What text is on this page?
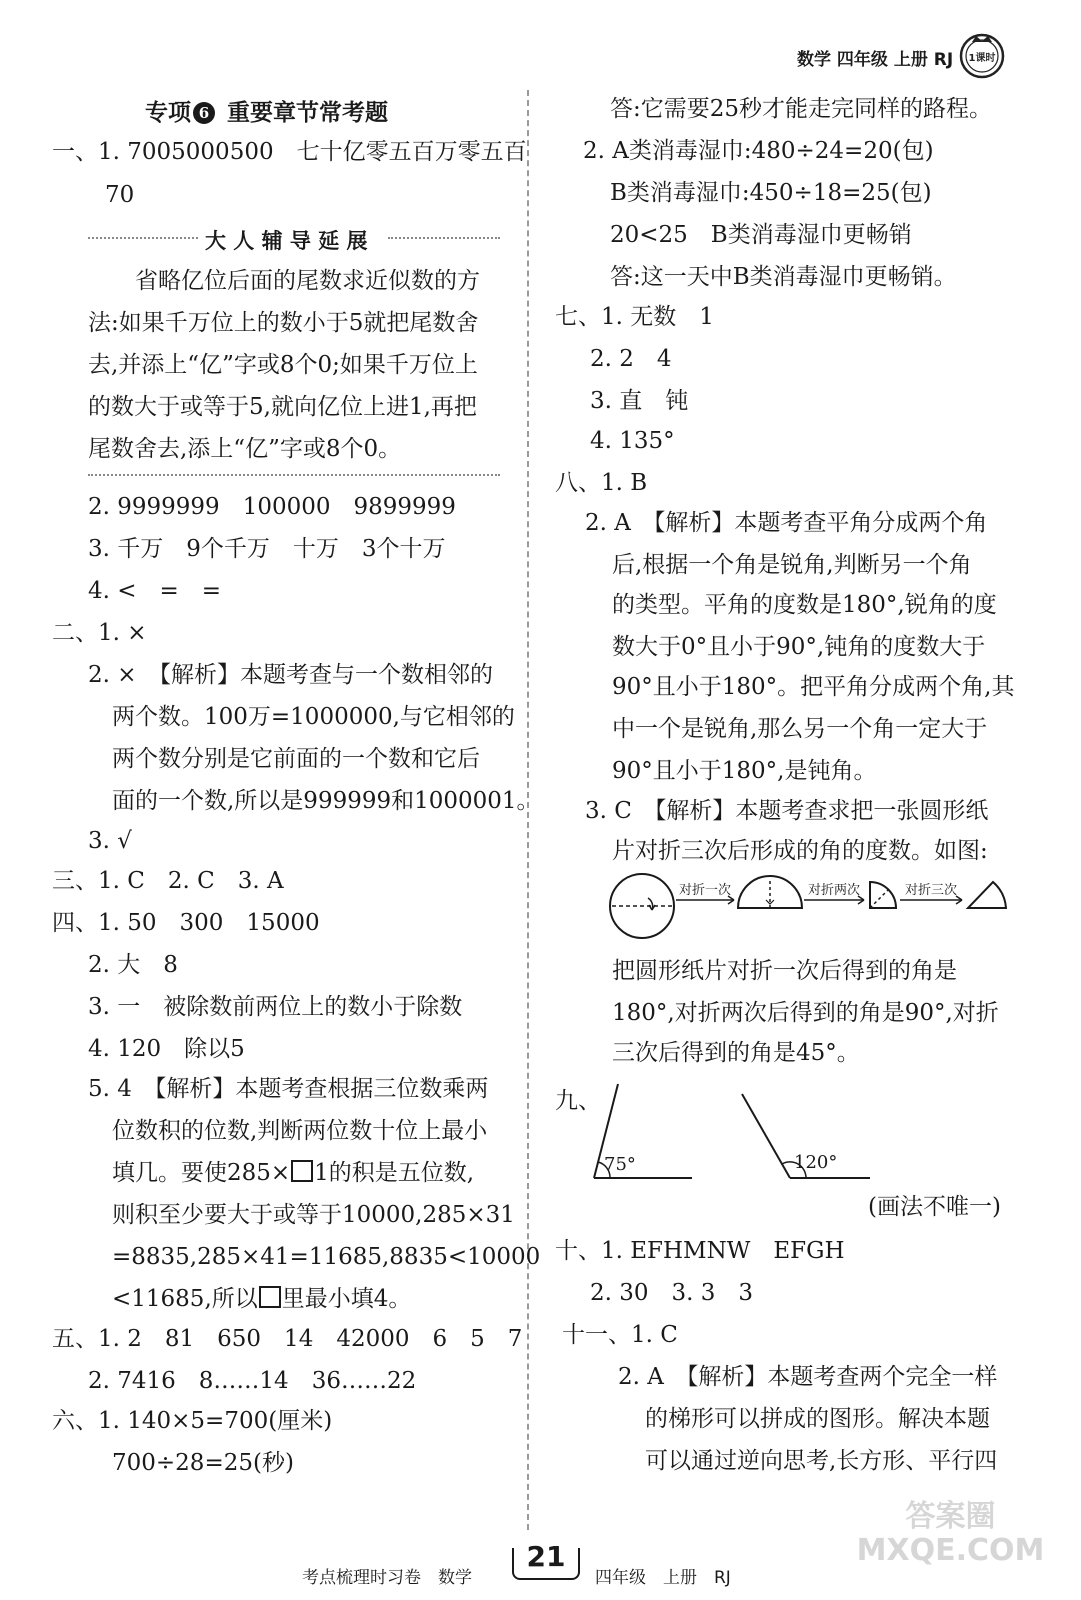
数学 四年级 上册 RJ 1课时
专项 6 重要章节常考题
一、1. 7005000500　七十亿零五百万零五百
70
大 人 辅 导 延 展
省略亿位后面的尾数求近似数的方
法:如果千万位上的数小于5就把尾数舍
去,并添上“亿”字或8个0;如果千万位上
的数大于或等于5,就向亿位上进1,再把
尾数舍去,添上“亿”字或8个0。
2. 9999999　100000　9899999
3. 千万　9个千万　十万　3个十万
4. <　=　=
二、1. ×
2. ×　【解析】本题考查与一个数相邻的
两个数。100万=1000000,与它相邻的
两个数分别是它前面的一个数和它后
面的一个数,所以是999999和1000001。
3. √
三、1. C　2. C　3. A
四、1. 50　300　15000
2. 大　8
3. 一　被除数前两位上的数小于除数
4. 120　除以5
5. 4　【解析】本题考查根据三位数乘两
位数积的位数,判断两位数十位上最小
填几。要使285× 1的积是五位数,
则积至少要大于或等于10000,285×31
=8835,285×41=11685,8835<10000
<11685,所以 里最小填4。
五、1. 2　81　650　14　42000　6　5　7
2. 7416　8……14　36……22
六、1. 140×5=700(厘米)
700÷28=25(秒)
答:它需要25秒才能走完同样的路程。
2. A类消毒湿巾:480÷24=20(包)
B类消毒湿巾:450÷18=25(包)
20<25　B类消毒湿巾更畅销
答:这一天中B类消毒湿巾更畅销。
七、1. 无数　1
2. 2　4
3. 直　钝
4. 135°
八、1. B
2. A　【解析】本题考查平角分成两个角
后,根据一个角是锐角,判断另一个角
的类型。平角的度数是180°,锐角的度
数大于0°且小于90°,钝角的度数大于
90°且小于180°。把平角分成两个角,其
中一个是锐角,那么另一个角一定大于
90°且小于180°,是钝角。
3. C　【解析】本题考查求把一张圆形纸
片对折三次后形成的角的度数。如图:
对折一次	对折两次	对折三次
把圆形纸片对折一次后得到的角是
180°,对折两次后得到的角是90°,对折
三次后得到的角是45°。
九、
75°	120°
(画法不唯一)
十、1. EFHMNW　EFGH
2. 30　3. 3　3
十一、1. C
2. A　【解析】本题考查两个完全一样
的梯形可以拼成的图形。解决本题
可以通过逆向思考,长方形、平行四
考点梳理时习卷　数学
21
四年级　上册　RJ
答案圈 MXQE.COM
